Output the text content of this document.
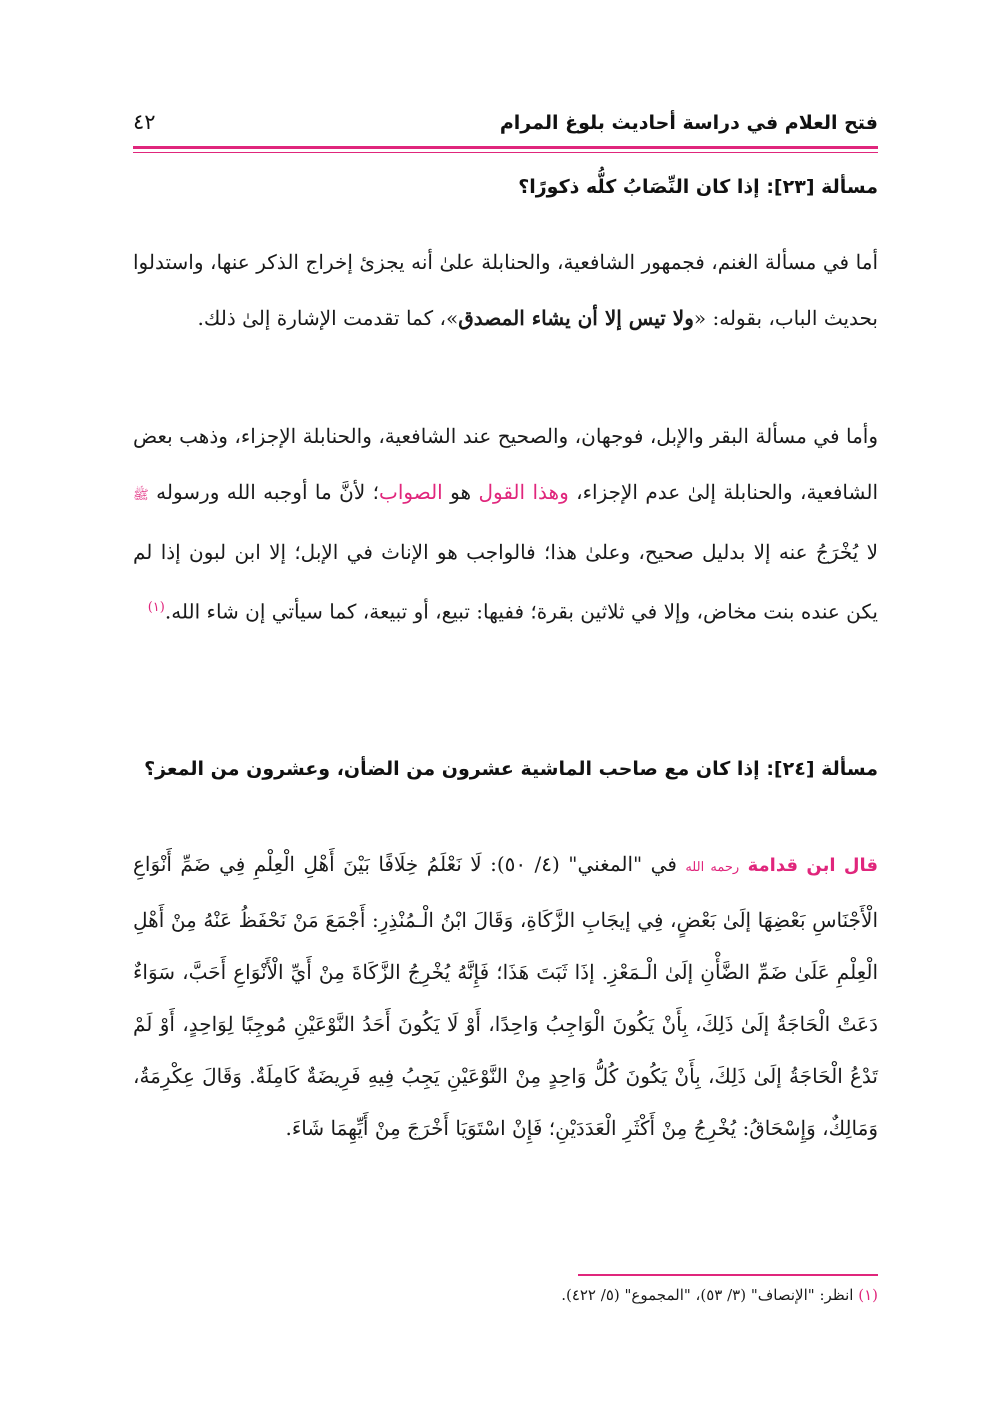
فتح العلام في دراسة أحاديث بلوغ المرام
٤٢
مسألة [٢٣]: إذا كان النِّصَابُ كلُّه ذكورًا؟
أما في مسألة الغنم، فجمهور الشافعية، والحنابلة علىٰ أنه يجزئ إخراج الذكر عنها، واستدلوا بحديث الباب، بقوله: «ولا تيس إلا أن يشاء المصدق»، كما تقدمت الإشارة إلىٰ ذلك.
وأما في مسألة البقر والإبل، فوجهان، والصحيح عند الشافعية، والحنابلة الإجزاء، وذهب بعض الشافعية، والحنابلة إلىٰ عدم الإجزاء، وهذا القول هو الصواب؛ لأنَّ ما أوجبه الله ورسوله ﷺ لا يُخْرَجُ عنه إلا بدليل صحيح، وعلىٰ هذا؛ فالواجب هو الإناث في الإبل؛ إلا ابن لبون إذا لم يكن عنده بنت مخاض، وإلا في ثلاثين بقرة؛ ففيها: تبيع، أو تبيعة، كما سيأتي إن شاء الله.$^{(١)}$
مسألة [٢٤]: إذا كان مع صاحب الماشية عشرون من الضأن، وعشرون من المعز؟
قال ابن قدامة رحمه الله في "المغني" (٤/ ٥٠): لَا نَعْلَمُ خِلَافًا بَيْنَ أَهْلِ الْعِلْمِ فِي ضَمِّ أَنْوَاعِ الْأَجْنَاسِ بَعْضِهَا إلَىٰ بَعْضٍ، فِي إيجَابِ الزَّكَاةِ، وَقَالَ ابْنُ الْـمُنْذِرِ: أَجْمَعَ مَنْ نَحْفَظُ عَنْهُ مِنْ أَهْلِ الْعِلْمِ عَلَىٰ ضَمِّ الضَّأْنِ إلَىٰ الْـمَعْزِ. إذَا ثَبَتَ هَذَا؛ فَإِنَّهُ يُخْرِجُ الزَّكَاةَ مِنْ أَيِّ الْأَنْوَاعِ أَحَبَّ، سَوَاءٌ دَعَتْ الْحَاجَةُ إلَىٰ ذَلِكَ، بِأَنْ يَكُونَ الْوَاجِبُ وَاحِدًا، أَوْ لَا يَكُونَ أَحَدُ النَّوْعَيْنِ مُوجِبًا لِوَاحِدٍ، أَوْ لَمْ تَدْعُ الْحَاجَةُ إلَىٰ ذَلِكَ، بِأَنْ يَكُونَ كُلُّ وَاحِدٍ مِنْ النَّوْعَيْنِ يَجِبُ فِيهِ فَرِيضَةٌ كَامِلَةٌ. وَقَالَ عِكْرِمَةُ، وَمَالِكٌ، وَإِسْحَاقُ: يُخْرِجُ مِنْ أَكْثَرِ الْعَدَدَيْنِ؛ فَإِنْ اسْتَوَيَا أَخْرَجَ مِنْ أَيِّهِمَا شَاءَ.
(١) انظر: "الإنصاف" (٣/ ٥٣)، "المجموع" (٥/ ٤٢٢).
